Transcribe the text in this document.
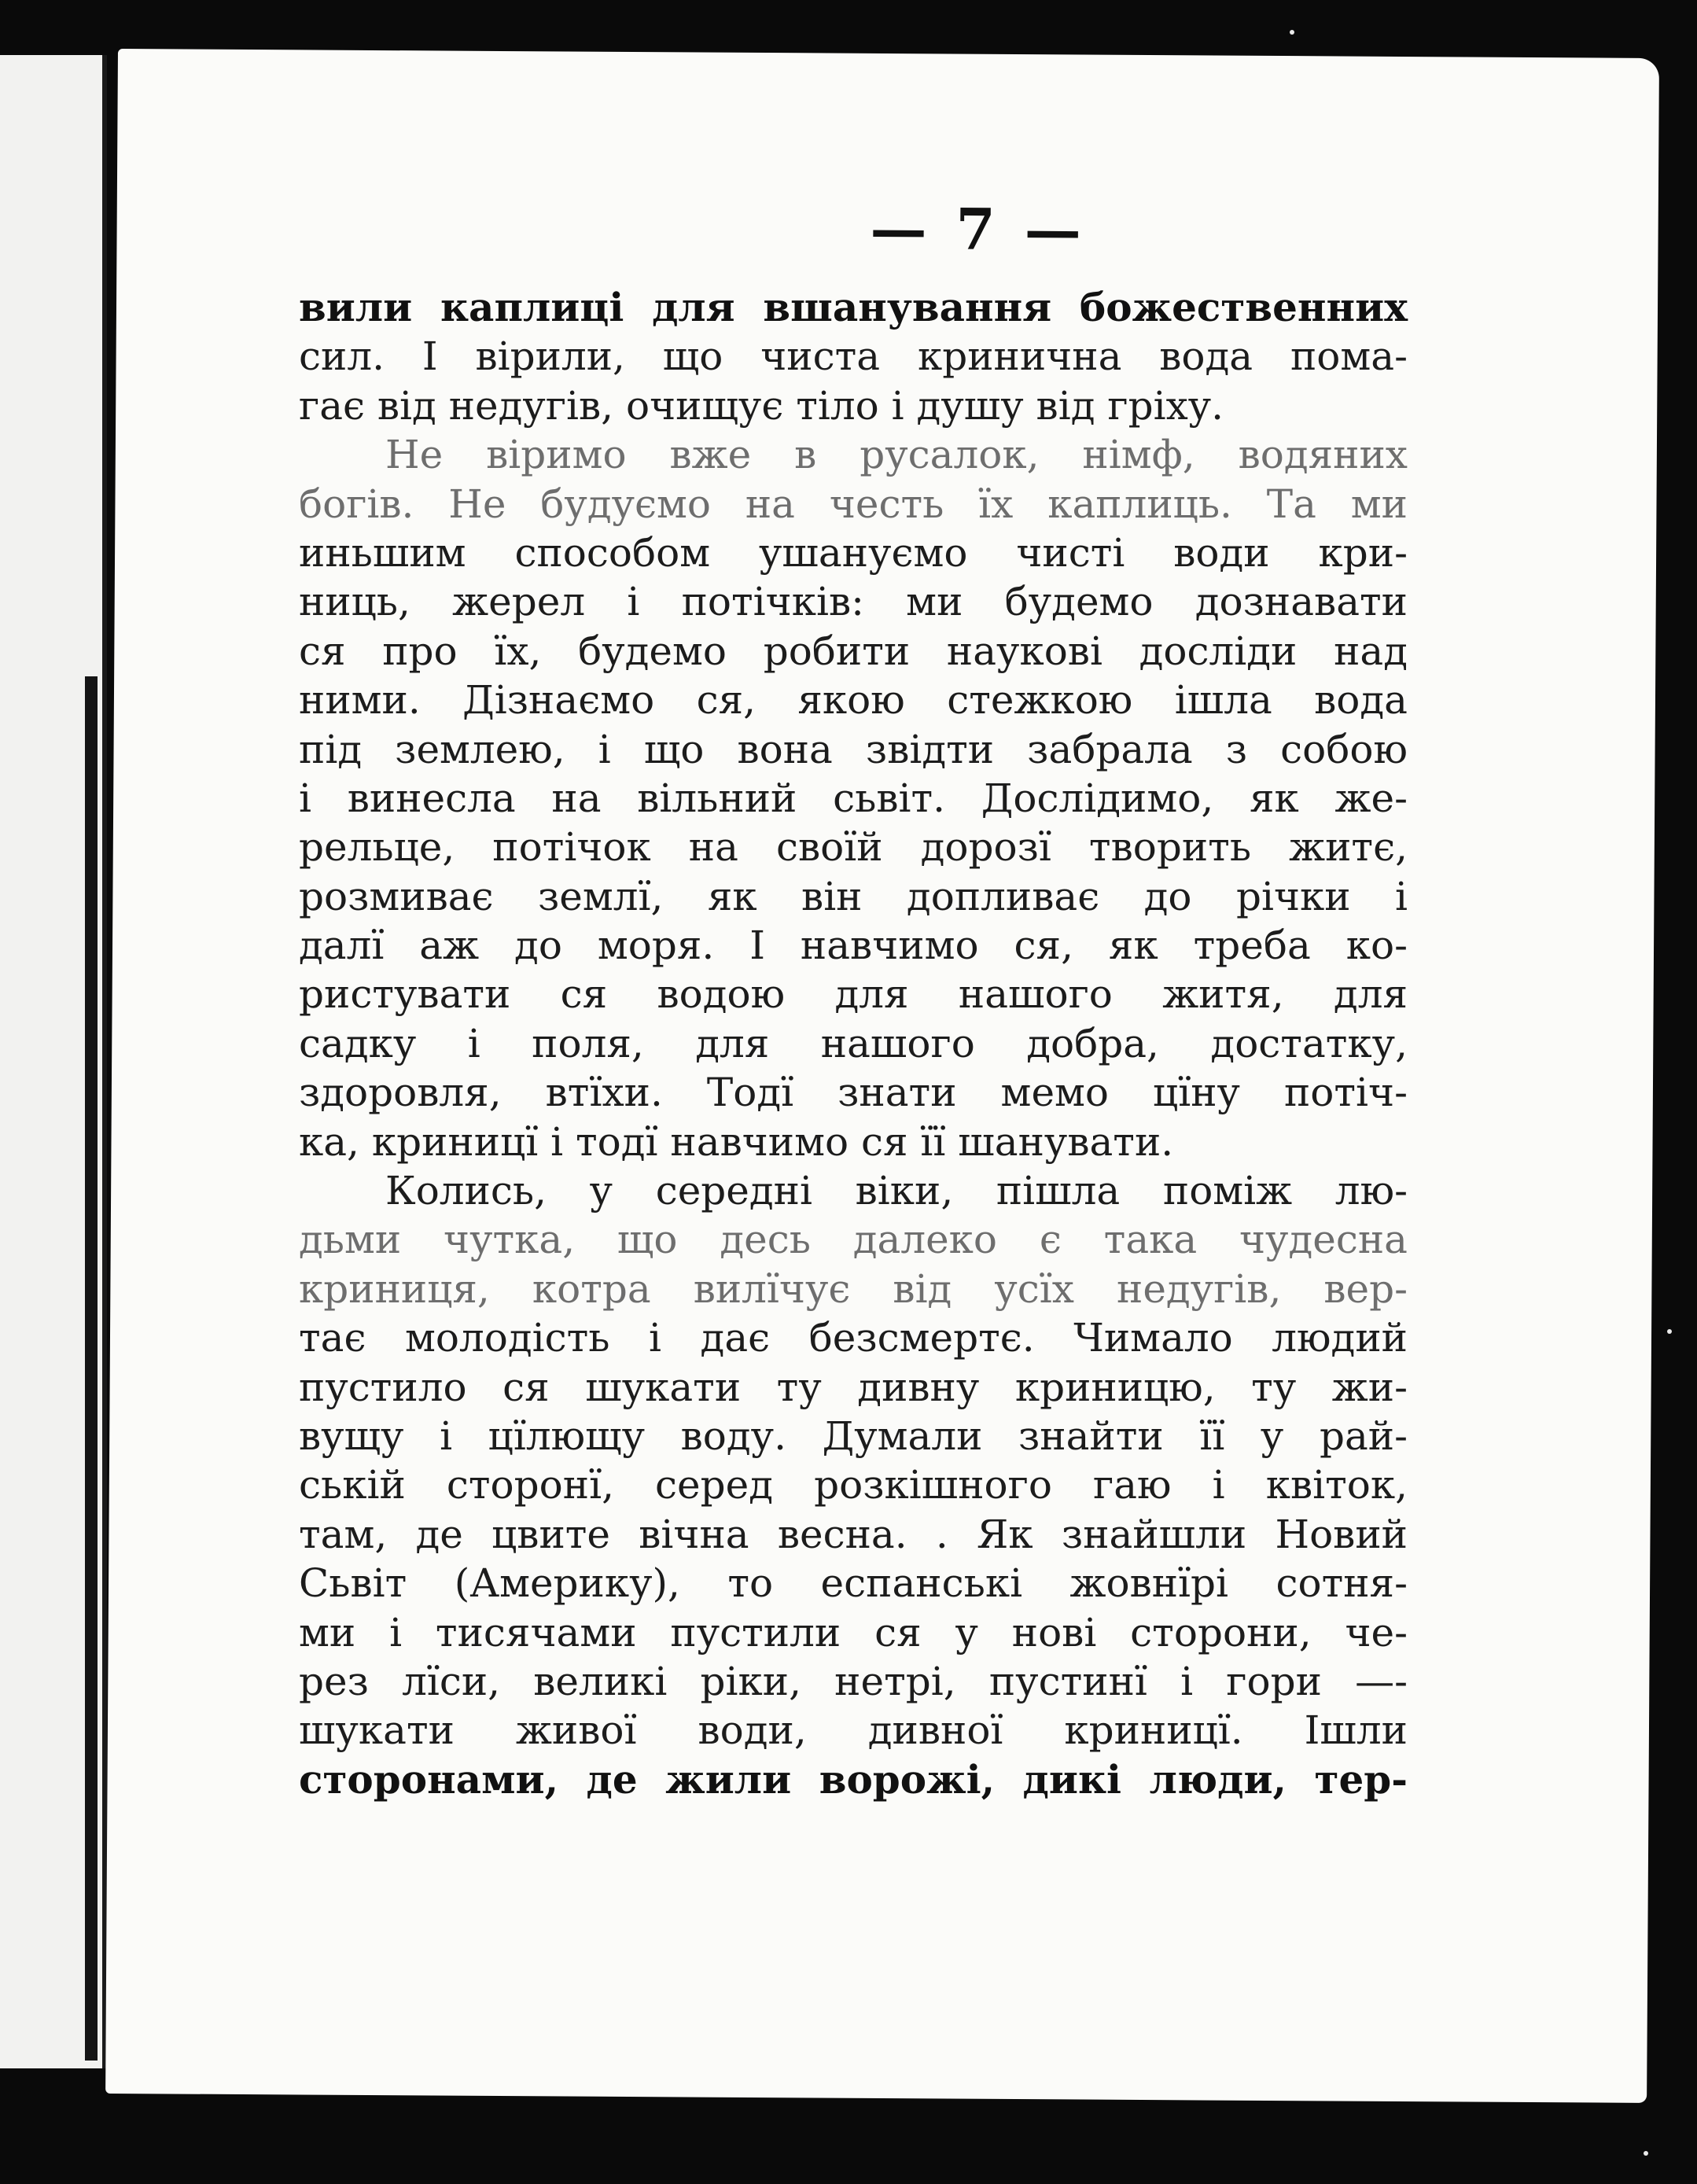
— 7 —
вили каплиці для вшанування божественних
сил. І вірили, що чиста кринична вода пома-
гає від недугів, очищує тіло і душу від гріху.
Не віримо вже в русалок, німф, водяних
богів. Не будуємо на честь їх каплиць. Та ми
иньшим способом ушануємо чисті води кри-
ниць, жерел і потічків: ми будемо дознавати
ся про їх, будемо робити наукові досліди над
ними. Дізнаємо ся, якою стежкою ішла вода
під землею, і що вона звідти забрала з собою
і винесла на вільний сьвіт. Дослідимо, як же-
рельце, потічок на своїй дорозї творить житє,
розмиває землї, як він допливає до річки і
далї аж до моря. І навчимо ся, як треба ко-
ристувати ся водою для нашого житя, для
садку і поля, для нашого добра, достатку,
здоровля, втїхи. Тодї знати мемо цїну потіч-
ка, криницї і тодї навчимо ся її шанувати.
Колись, у середні віки, пішла поміж лю-
дьми чутка, що десь далеко є така чудесна
криниця, котра вилїчує від усїх недугів, вер-
тає молодість і дає безсмертє. Чимало людий
пустило ся шукати ту дивну криницю, ту жи-
вущу і цїлющу воду. Думали знайти її у рай-
ській сторонї, серед розкішного гаю і квіток,
там, де цвите вічна весна. . Як знайшли Новий
Сьвіт (Америку), то еспанські жовнїрі сотня-
ми і тисячами пустили ся у нові сторони, че-
рез лїси, великі ріки, нетрі, пустинї і гори —-
шукати живої води, дивної криницї. Ішли
сторонами, де жили ворожі, дикі люди, тер-
